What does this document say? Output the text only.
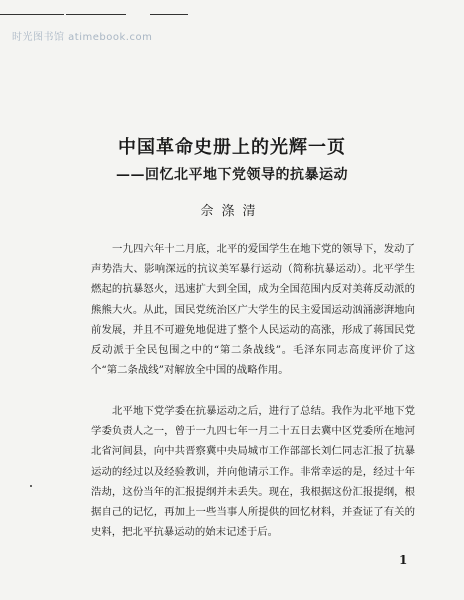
时光图书馆 atimebook.com
中国革命史册上的光辉一页
——回忆北平地下党领导的抗暴运动

佘涤清

一九四六年十二月底，北平的爱国学生在地下党的领导下，发动了声势浩大、影响深远的抗议美军暴行运动（简称抗暴运动）。北平学生燃起的抗暴怒火，迅速扩大到全国，成为全国范围内反对美蒋反动派的熊熊大火。从此，国民党统治区广大学生的民主爱国运动汹涌澎湃地向前发展，并且不可避免地促进了整个人民运动的高涨，形成了蒋国民党反动派于全民包围之中的“第二条战线”。毛泽东同志高度评价了这个“第二条战线”对解放全中国的战略作用。

北平地下党学委在抗暴运动之后，进行了总结。我作为北平地下党学委负责人之一，曾于一九四七年一月二十五日去冀中区党委所在地河北省河间县，向中共晋察冀中央局城市工作部部长刘仁同志汇报了抗暴运动的经过以及经验教训，并向他请示工作。非常幸运的是，经过十年浩劫，这份当年的汇报提纲并未丢失。现在，我根据这份汇报提纲，根据自己的记忆，再加上一些当事人所提供的回忆材料，并查证了有关的史料，把北平抗暴运动的始末记述于后。

1
